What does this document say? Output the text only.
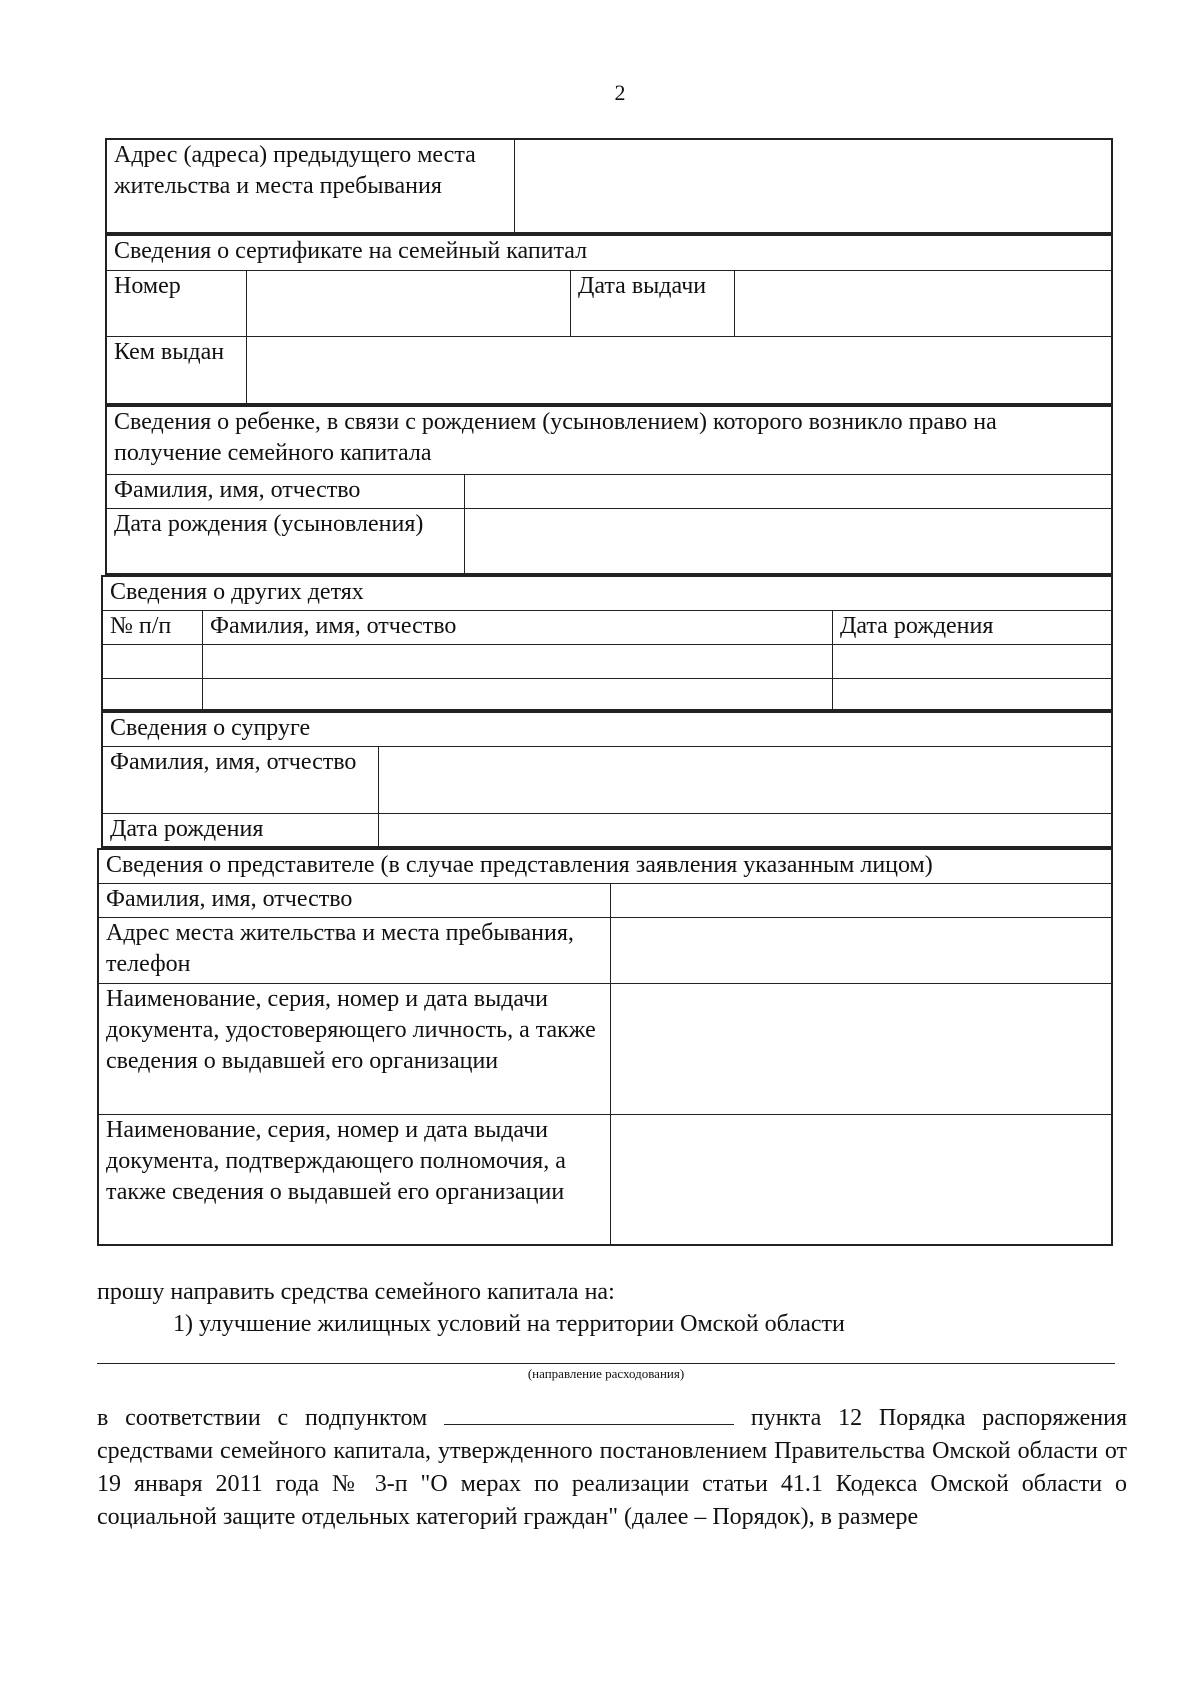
2
Адрес (адреса) предыдущего места жительства и места пребывания	
Сведения о сертификате на семейный капитал			
Номер		Дата выдачи	
Кем выдан			
Сведения о ребенке, в связи с рождением (усыновлением) которого возникло право на получение семейного капитала	
Фамилия, имя, отчество	
Дата рождения (усыновления)	
Сведения о других детях		
№ п/п	Фамилия, имя, отчество	Дата рождения

Сведения о супруге	
Фамилия, имя, отчество	
Дата рождения	
Сведения о представителе (в случае представления заявления указанным лицом)	
Фамилия, имя, отчество	
Адрес места жительства и места пребывания, телефон	
Наименование, серия, номер и дата выдачи документа, удостоверяющего личность, а также сведения о выдавшей его организации	
Наименование, серия, номер и дата выдачи документа, подтверждающего полномочия, а также сведения о выдавшей его организации	
прошу направить средства семейного капитала на:
1) улучшение жилищных условий на территории Омской области
(направление расходования)
в соответствии с подпунктом	пункта 12 Порядка распоряжения средствами семейного капитала, утвержденного постановлением Правительства Омской области от 19 января 2011 года № 3-п "О мерах по реализации статьи 41.1 Кодекса Омской области о социальной защите отдельных категорий граждан" (далее – Порядок), в размере
